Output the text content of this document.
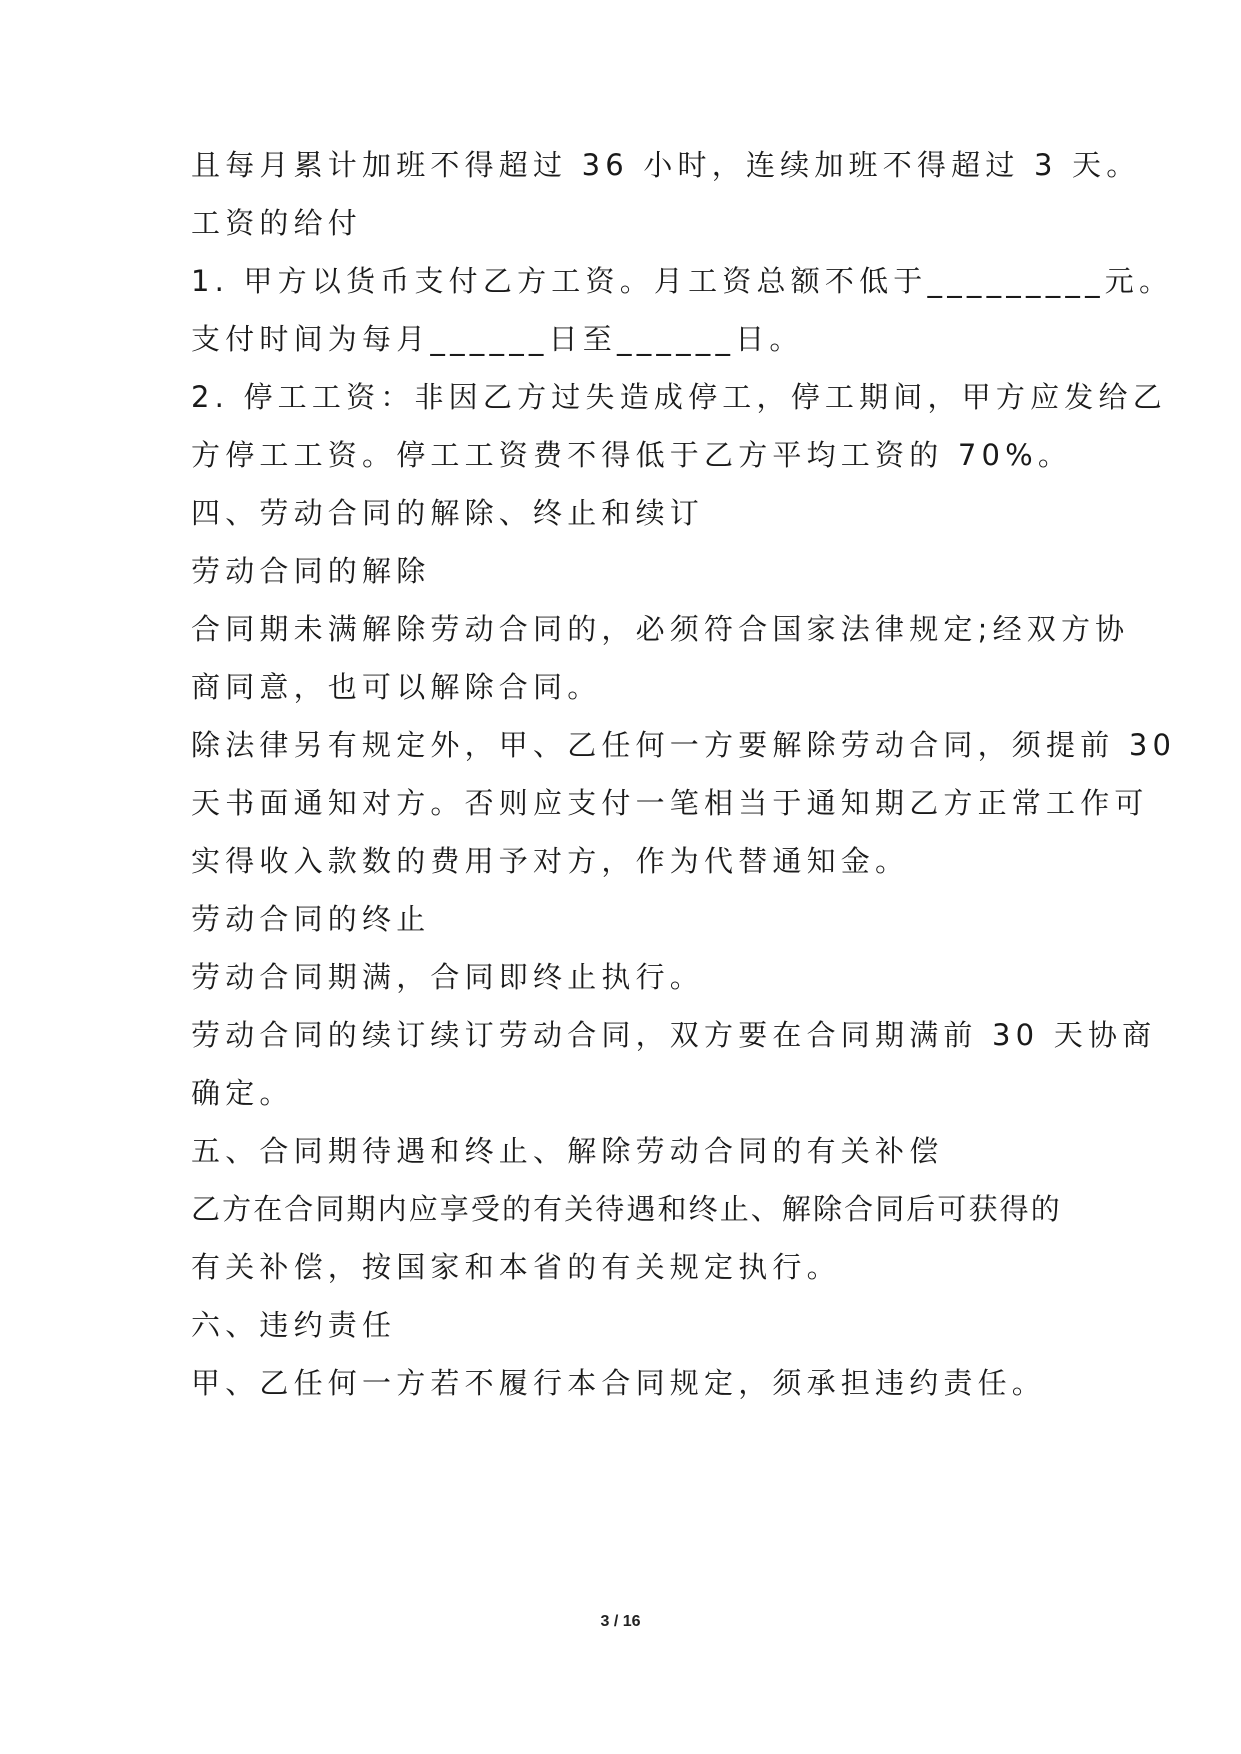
且每月累计加班不得超过 36 小时，连续加班不得超过 3 天。
工资的给付
1. 甲方以货币支付乙方工资。月工资总额不低于_________元。
支付时间为每月______日至______日。
2. 停工工资：非因乙方过失造成停工，停工期间，甲方应发给乙
方停工工资。停工工资费不得低于乙方平均工资的 70%。
四、劳动合同的解除、终止和续订
劳动合同的解除
合同期未满解除劳动合同的，必须符合国家法律规定;经双方协
商同意，也可以解除合同。
除法律另有规定外，甲、乙任何一方要解除劳动合同，须提前 30
天书面通知对方。否则应支付一笔相当于通知期乙方正常工作可
实得收入款数的费用予对方，作为代替通知金。
劳动合同的终止
劳动合同期满，合同即终止执行。
劳动合同的续订续订劳动合同，双方要在合同期满前 30 天协商
确定。
五、合同期待遇和终止、解除劳动合同的有关补偿
乙方在合同期内应享受的有关待遇和终止、解除合同后可获得的
有关补偿，按国家和本省的有关规定执行。
六、违约责任
甲、乙任何一方若不履行本合同规定，须承担违约责任。
3 / 16
